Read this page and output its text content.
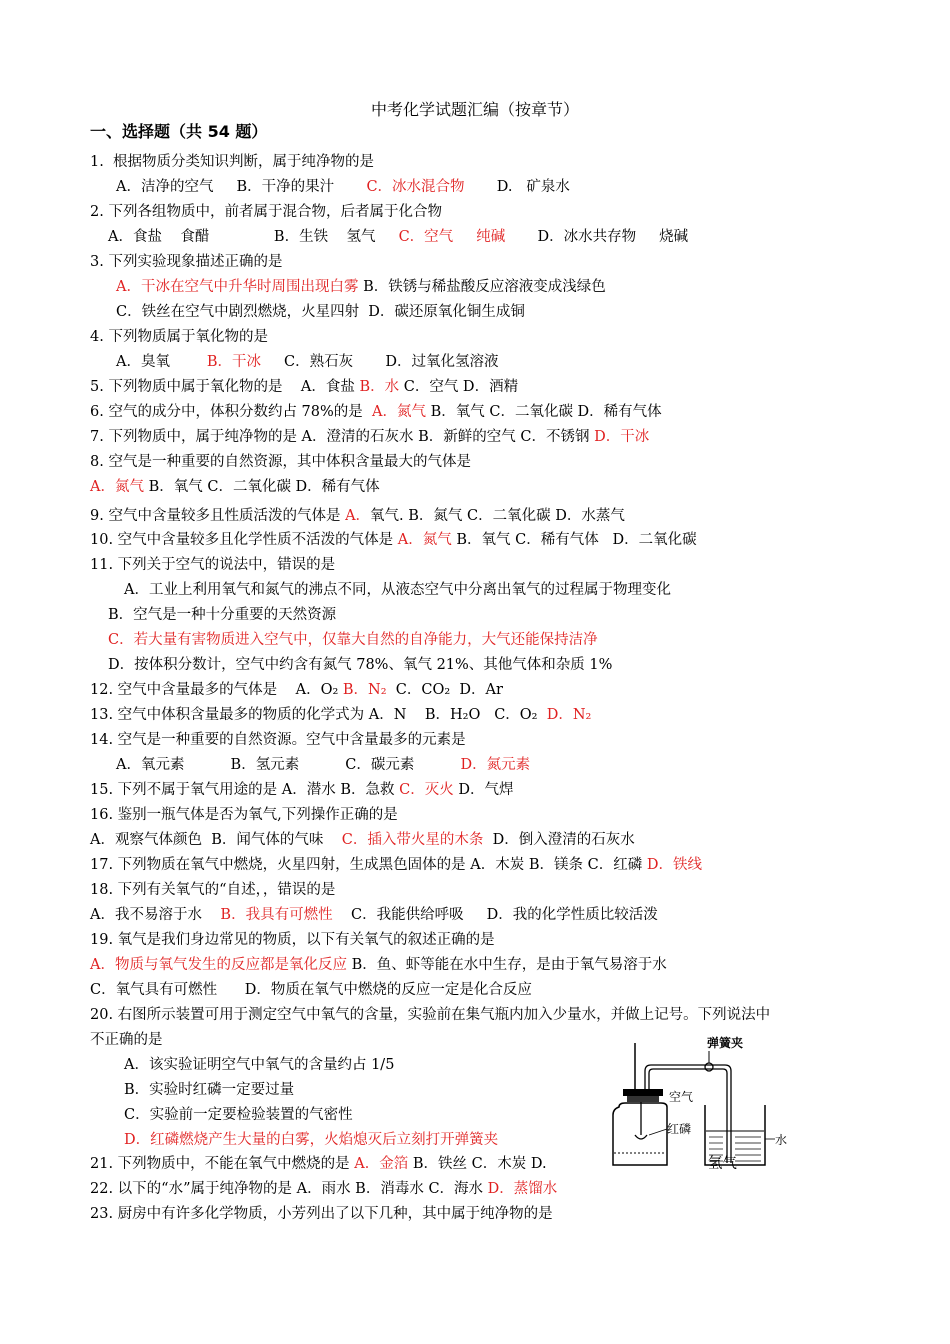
中考化学试题汇编（按章节）
一、选择题（共 54 题）
1.  根据物质分类知识判断，属于纯净物的是
A．洁净的空气     B．干净的果汁       C．冰水混合物       D.   矿泉水
2. 下列各组物质中，前者属于混合物，后者属于化合物
A．食盐    食醋              B．生铁    氢气     C．空气     纯碱       D．冰水共存物     烧碱
3. 下列实验现象描述正确的是
A．干冰在空气中升华时周围出现白雾 B．铁锈与稀盐酸反应溶液变成浅绿色
C．铁丝在空气中剧烈燃烧，火星四射  D．碳还原氧化铜生成铜
4. 下列物质属于氧化物的是
A．臭氧        B．干冰     C．熟石灰       D．过氧化氢溶液
5. 下列物质中属于氧化物的是    A．食盐 B．水 C．空气 D．酒精
6. 空气的成分中，体积分数约占 78%的是  A．氮气 B．氧气 C．二氧化碳 D．稀有气体
7. 下列物质中，属于纯净物的是 A．澄清的石灰水 B．新鲜的空气 C．不锈钢 D．干冰
8. 空气是一种重要的自然资源，其中体积含量最大的气体是
A．氮气 B．氧气 C．二氧化碳 D．稀有气体
9. 空气中含量较多且性质活泼的气体是 A．氧气. B．氮气 C．二氧化碳 D．水蒸气
10. 空气中含量较多且化学性质不活泼的气体是 A．氮气 B．氧气 C．稀有气体   D．二氧化碳
11. 下列关于空气的说法中，错误的是
A．工业上利用氧气和氮气的沸点不同，从液态空气中分离出氧气的过程属于物理变化
B．空气是一种十分重要的天然资源
C．若大量有害物质进入空气中，仅靠大自然的自净能力，大气还能保持洁净
D．按体积分数计，空气中约含有氮气 78%、氧气 21%、其他气体和杂质 1%
12. 空气中含量最多的气体是    A．O₂ B．N₂  C．CO₂  D．Ar
13. 空气中体积含量最多的物质的化学式为 A．N    B．H₂O   C．O₂  D．N₂
14. 空气是一种重要的自然资源。空气中含量最多的元素是
A．氧元素          B．氢元素          C．碳元素          D．氮元素
15. 下列不属于氧气用途的是 A．潜水 B．急救 C．灭火 D．气焊
16. 鉴别一瓶气体是否为氧气,下列操作正确的是
A．观察气体颜色  B．闻气体的气味    C．插入带火星的木条  D．倒入澄清的石灰水
17. 下列物质在氧气中燃烧，火星四射，生成黑色固体的是 A．木炭 B．镁条 C．红磷 D．铁线
18. 下列有关氧气的“自述，，错误的是
A．我不易溶于水    B．我具有可燃性    C．我能供给呼吸     D．我的化学性质比较活泼
19. 氧气是我们身边常见的物质，以下有关氧气的叙述正确的是
A．物质与氧气发生的反应都是氧化反应 B．鱼、虾等能在水中生存，是由于氧气易溶于水
C．氧气具有可燃性      D．物质在氧气中燃烧的反应一定是化合反应
20. 右图所示装置可用于测定空气中氧气的含量，实验前在集气瓶内加入少量水，并做上记号。下列说法中
不正确的是
A．该实验证明空气中氧气的含量约占 1/5
B．实验时红磷一定要过量
C．实验前一定要检验装置的气密性
D．红磷燃烧产生大量的白雾，火焰熄灭后立刻打开弹簧夹
21. 下列物质中，不能在氧气中燃烧的是 A．金箔 B．铁丝 C．木炭 D.                                   氢气
22. 以下的“水”属于纯净物的是 A．雨水 B．消毒水 C．海水 D．蒸馏水
23. 厨房中有许多化学物质，小芳列出了以下几种，其中属于纯净物的是
弹簧夹
空气
红磷
水
